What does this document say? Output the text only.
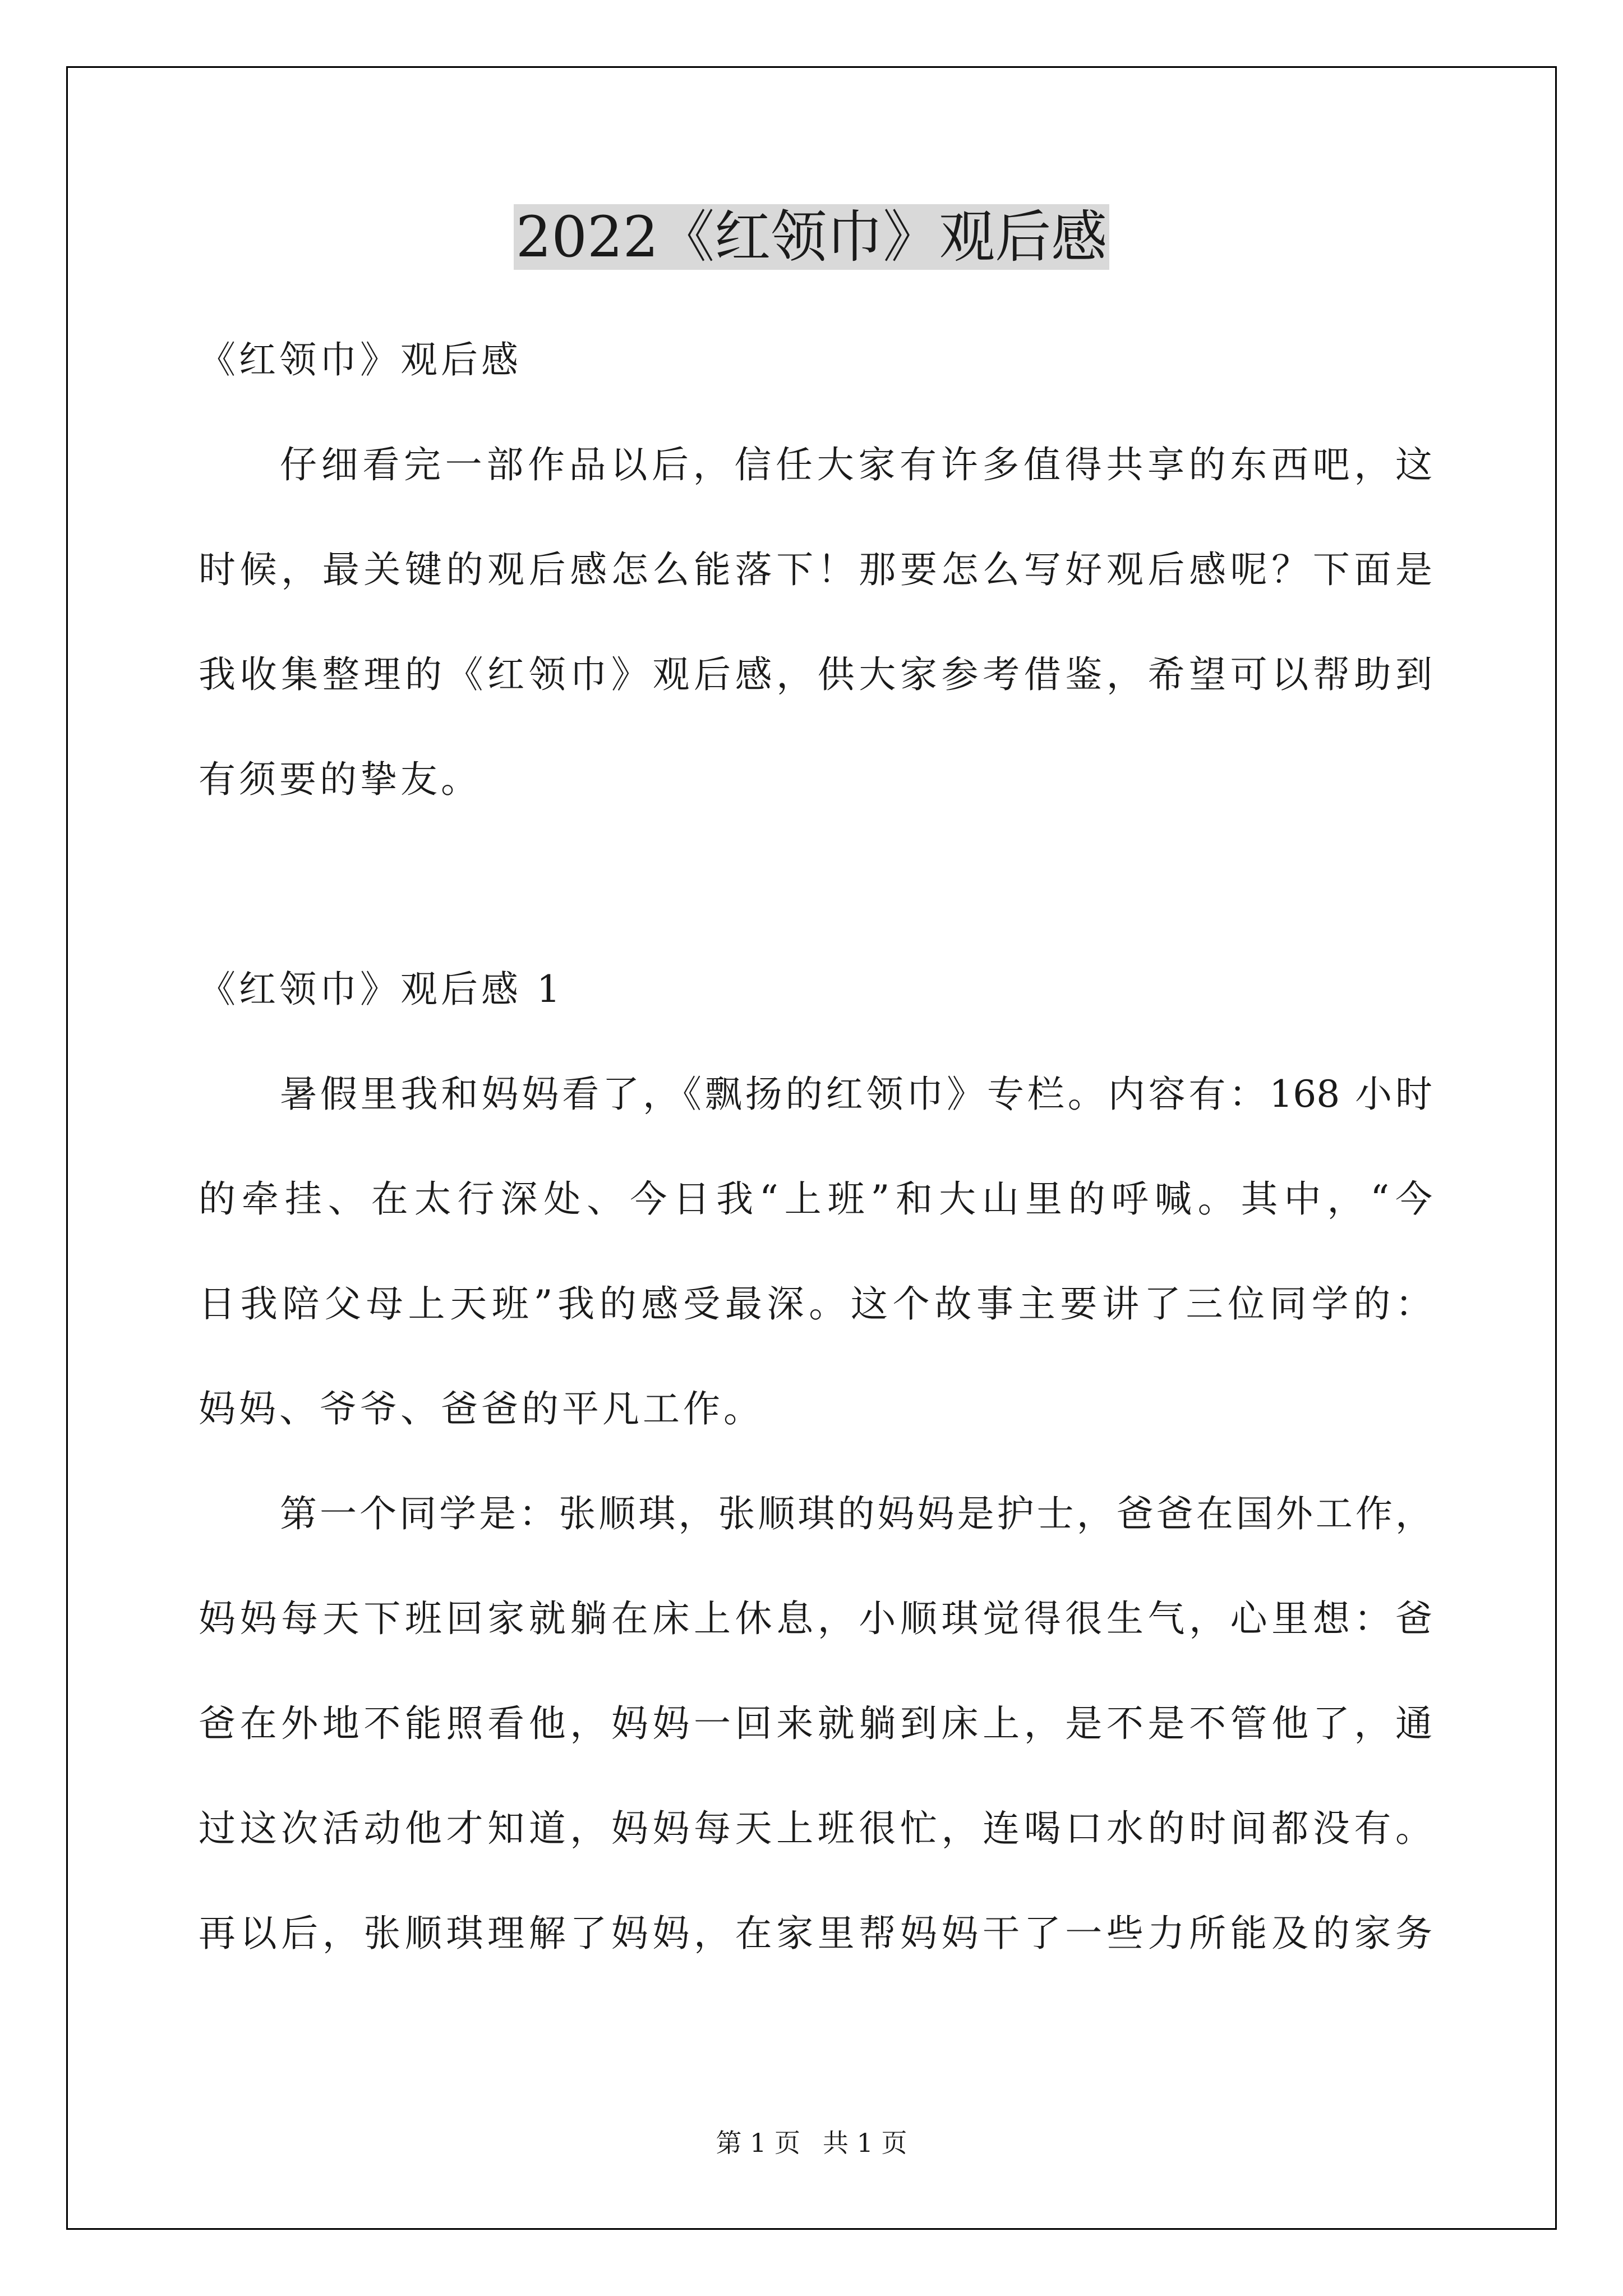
2022《红领巾》观后感
《红领巾》观后感
仔细看完一部作品以后，信任大家有许多值得共享的东西吧，这
时候，最关键的观后感怎么能落下！那要怎么写好观后感呢？下面是
我收集整理的《红领巾》观后感，供大家参考借鉴，希望可以帮助到
有须要的挚友。
《红领巾》观后感 1
暑假里我和妈妈看了，《飘扬的红领巾》专栏。内容有：168 小时
的牵挂、在太行深处、今日我“上班”和大山里的呼喊。其中，“今
日我陪父母上天班”我的感受最深。这个故事主要讲了三位同学的：
妈妈、爷爷、爸爸的平凡工作。
第一个同学是：张顺琪，张顺琪的妈妈是护士，爸爸在国外工作，
妈妈每天下班回家就躺在床上休息，小顺琪觉得很生气，心里想：爸
爸在外地不能照看他，妈妈一回来就躺到床上，是不是不管他了，通
过这次活动他才知道，妈妈每天上班很忙，连喝口水的时间都没有。
再以后，张顺琪理解了妈妈，在家里帮妈妈干了一些力所能及的家务
第 1 页 共 1 页
